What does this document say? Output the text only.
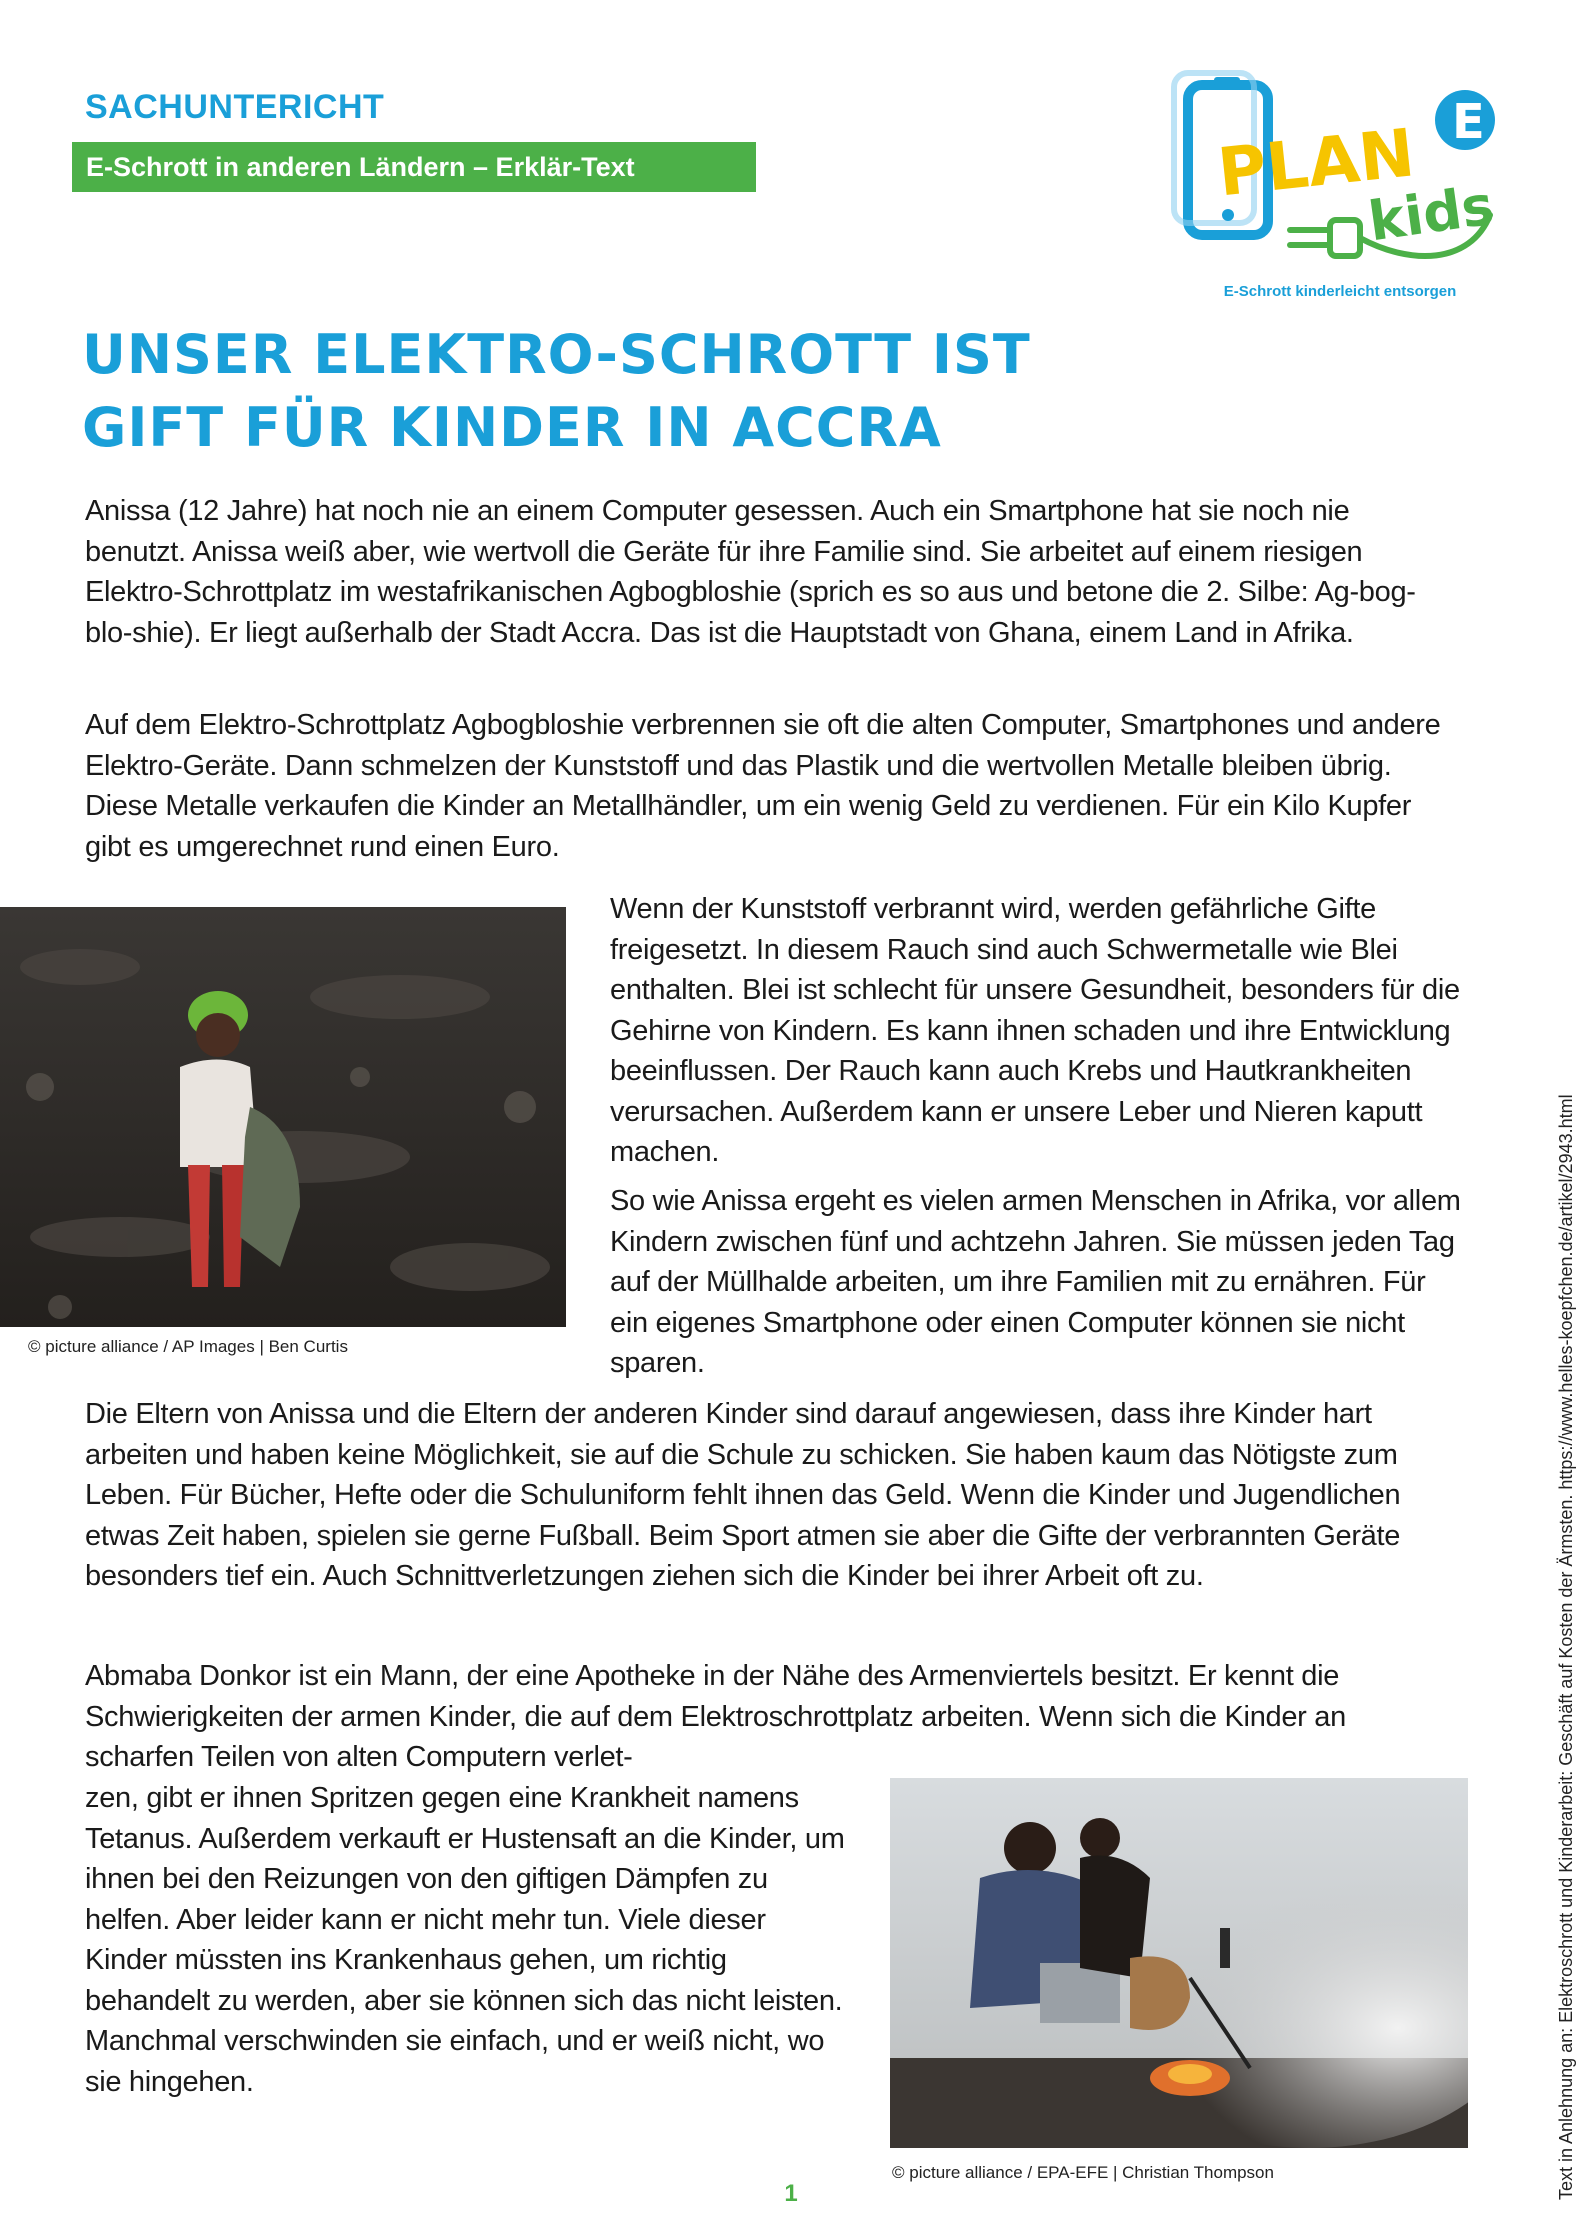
SACHUNTERICHT
E-Schrott in anderen Ländern – Erklär-Text	PLAN E
kids
E-Schrott kinderleicht entsorgen
UNSER ELEKTRO-SCHROTT IST
GIFT FÜR KINDER IN ACCRA

Anissa (12 Jahre) hat noch nie an einem Computer gesessen. Auch ein Smartphone hat sie noch nie benutzt. Anissa weiß aber, wie wertvoll die Geräte für ihre Familie sind. Sie arbeitet auf einem riesigen Elektro-Schrottplatz im westafrikanischen Agbogbloshie (sprich es so aus und betone die 2. Silbe: Ag-bog-blo-shie). Er liegt außerhalb der Stadt Accra. Das ist die Hauptstadt von Ghana, einem Land in Afrika.

Auf dem Elektro-Schrottplatz Agbogbloshie verbrennen sie oft die alten Computer, Smartphones und andere Elektro-Geräte. Dann schmelzen der Kunststoff und das Plastik und die wertvollen Metalle bleiben übrig. Diese Metalle verkaufen die Kinder an Metallhändler, um ein wenig Geld zu verdienen. Für ein Kilo Kupfer gibt es umgerechnet rund einen Euro.

© picture alliance / AP Images | Ben Curtis

Wenn der Kunststoff verbrannt wird, werden gefährliche Gifte freigesetzt. In diesem Rauch sind auch Schwermetalle wie Blei enthalten. Blei ist schlecht für unsere Gesundheit, besonders für die Gehirne von Kindern. Es kann ihnen schaden und ihre Entwicklung beeinflussen. Der Rauch kann auch Krebs und Hautkrankheiten verursachen. Außerdem kann er unsere Leber und Nieren kaputt machen.

So wie Anissa ergeht es vielen armen Menschen in Afrika, vor allem Kindern zwischen fünf und achtzehn Jahren. Sie müssen jeden Tag auf der Müllhalde arbeiten, um ihre Familien mit zu ernähren. Für ein eigenes Smartphone oder einen Computer können sie nicht sparen.

Die Eltern von Anissa und die Eltern der anderen Kinder sind darauf angewiesen, dass ihre Kinder hart arbeiten und haben keine Möglichkeit, sie auf die Schule zu schicken. Sie haben kaum das Nötigste zum Leben. Für Bücher, Hefte oder die Schuluniform fehlt ihnen das Geld. Wenn die Kinder und Jugendlichen etwas Zeit haben, spielen sie gerne Fußball. Beim Sport atmen sie aber die Gifte der verbrannten Geräte besonders tief ein. Auch Schnittverletzungen ziehen sich die Kinder bei ihrer Arbeit oft zu.

Abmaba Donkor ist ein Mann, der eine Apotheke in der Nähe des Armenviertels besitzt. Er kennt die Schwierigkeiten der armen Kinder, die auf dem Elektroschrottplatz arbeiten. Wenn sich die Kinder an scharfen Teilen von alten Computern verlet-

zen, gibt er ihnen Spritzen gegen eine Krankheit namens Tetanus. Außerdem verkauft er Hustensaft an die Kinder, um ihnen bei den Reizungen von den giftigen Dämpfen zu helfen. Aber leider kann er nicht mehr tun. Viele dieser Kinder müssten ins Krankenhaus gehen, um richtig behandelt zu werden, aber sie können sich das nicht leisten. Manchmal verschwinden sie einfach, und er weiß nicht, wo sie hingehen.

© picture alliance / EPA-EFE | Christian Thompson	Text in Anlehnung an: Elektroschrott und Kinderarbeit: Geschäft auf Kosten der Ärmsten. https://www.helles-koepfchen.de/artikel/2943.html
1
